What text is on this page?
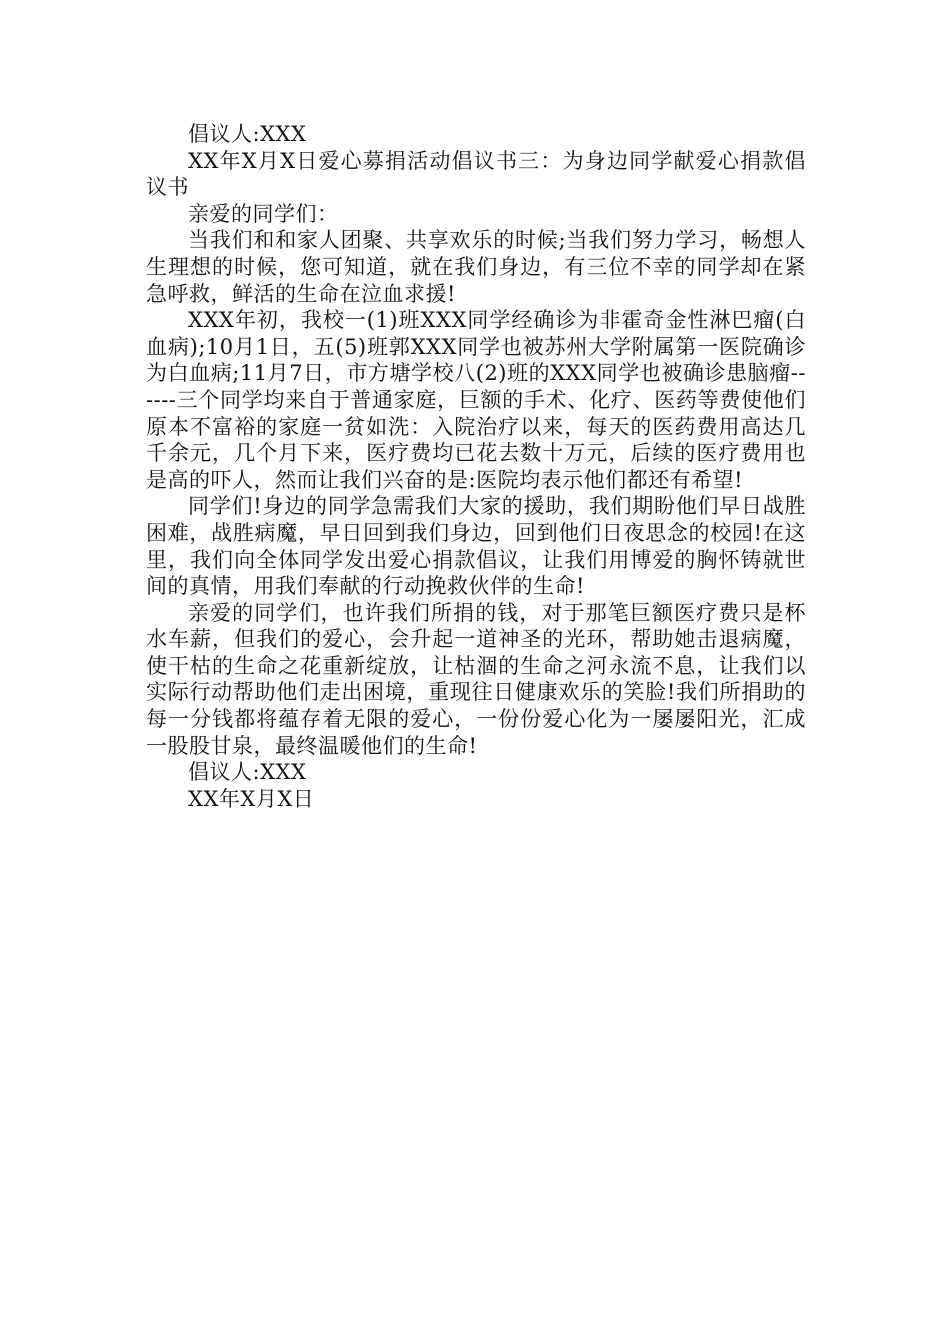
倡议人:XXX

XX年X月X日爱心募捐活动倡议书三：为身边同学献爱心捐款倡议书

亲爱的同学们：

当我们和和家人团聚、共享欢乐的时候;当我们努力学习，畅想人生理想的时候，您可知道，就在我们身边，有三位不幸的同学却在紧急呼救，鲜活的生命在泣血求援!

XXX年初，我校一(1)班XXX同学经确诊为非霍奇金性淋巴瘤(白血病);10月1日，五(5)班郭XXX同学也被苏州大学附属第一医院确诊为白血病;11月7日，市方塘学校八(2)班的XXX同学也被确诊患脑瘤------三个同学均来自于普通家庭，巨额的手术、化疗、医药等费使他们原本不富裕的家庭一贫如洗：入院治疗以来，每天的医药费用高达几千余元，几个月下来，医疗费均已花去数十万元，后续的医疗费用也是高的吓人，然而让我们兴奋的是:医院均表示他们都还有希望!

同学们!身边的同学急需我们大家的援助，我们期盼他们早日战胜困难，战胜病魔，早日回到我们身边，回到他们日夜思念的校园!在这里，我们向全体同学发出爱心捐款倡议，让我们用博爱的胸怀铸就世间的真情，用我们奉献的行动挽救伙伴的生命!

亲爱的同学们，也许我们所捐的钱，对于那笔巨额医疗费只是杯水车薪，但我们的爱心，会升起一道神圣的光环，帮助她击退病魔，使干枯的生命之花重新绽放，让枯涸的生命之河永流不息，让我们以实际行动帮助他们走出困境，重现往日健康欢乐的笑脸!我们所捐助的每一分钱都将蕴存着无限的爱心，一份份爱心化为一屡屡阳光，汇成一股股甘泉，最终温暖他们的生命!

倡议人:XXX

XX年X月X日
